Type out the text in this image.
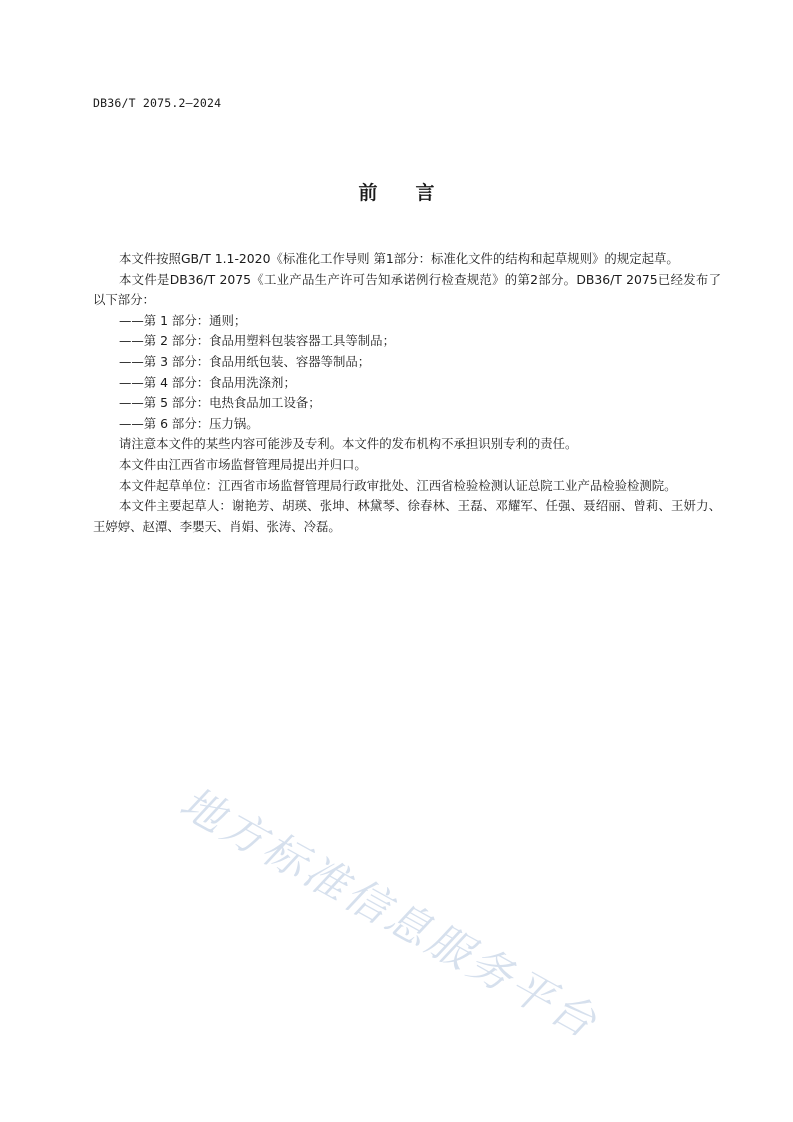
DB36/T 2075.2—2024
前言

本文件按照GB/T 1.1-2020《标准化工作导则 第1部分：标准化文件的结构和起草规则》的规定起草。

本文件是DB36/T 2075《工业产品生产许可告知承诺例行检查规范》的第2部分。DB36/T 2075已经发布了以下部分：

——第 1 部分：通则；

——第 2 部分：食品用塑料包装容器工具等制品；

——第 3 部分：食品用纸包装、容器等制品；

——第 4 部分：食品用洗涤剂；

——第 5 部分：电热食品加工设备；

——第 6 部分：压力锅。

请注意本文件的某些内容可能涉及专利。本文件的发布机构不承担识别专利的责任。

本文件由江西省市场监督管理局提出并归口。

本文件起草单位：江西省市场监督管理局行政审批处、江西省检验检测认证总院工业产品检验检测院。

本文件主要起草人：谢艳芳、胡瑛、张坤、林黛琴、徐春林、王磊、邓耀军、任强、聂绍丽、曾莉、王妍力、王婷婷、赵潭、李嬰天、肖娟、张涛、冷磊。

地方标准信息服务平台
